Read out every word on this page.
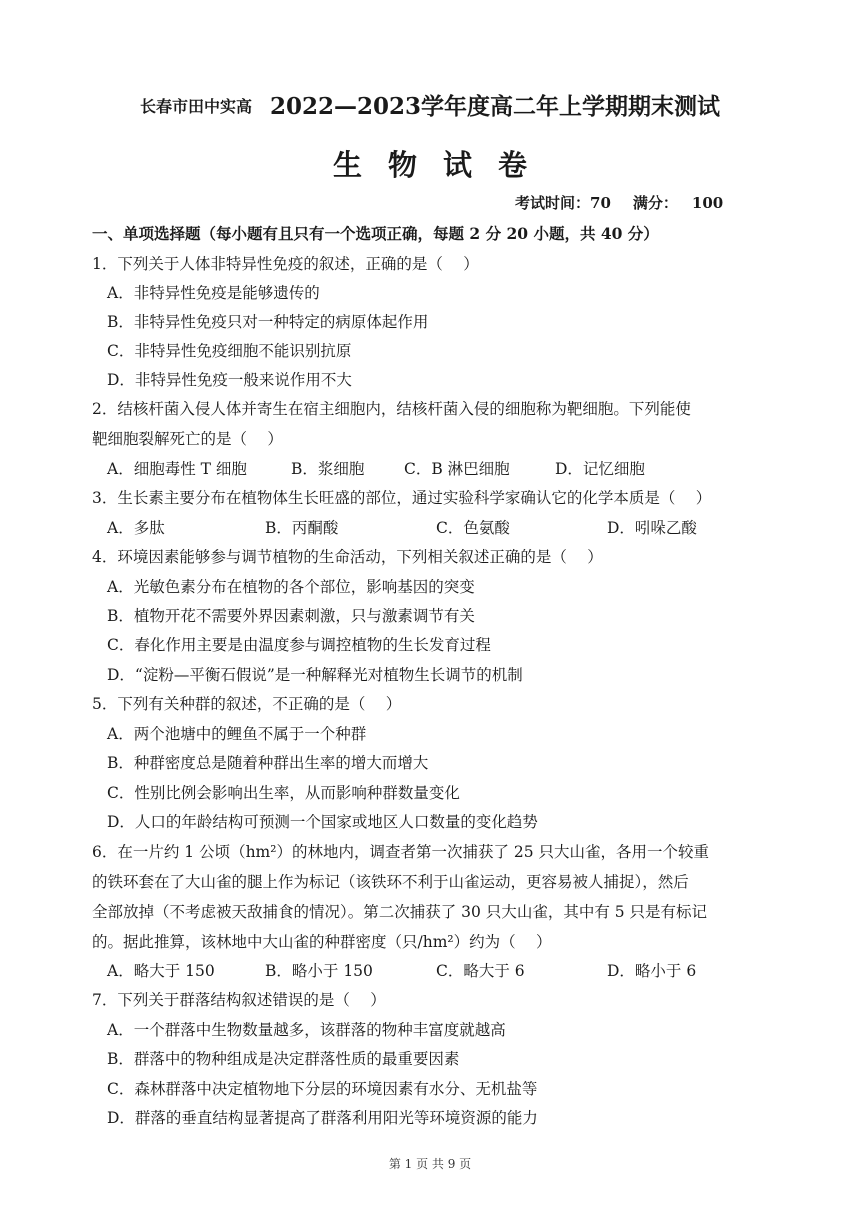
长春市田中实高 2022—2023学年度高二年上学期期末测试
生物试卷
考试时间：70 满分： 100
一、单项选择题（每小题有且只有一个选项正确，每题 2 分 20 小题，共 40 分）
1．下列关于人体非特异性免疫的叙述，正确的是（　 ）
A．非特异性免疫是能够遗传的
B．非特异性免疫只对一种特定的病原体起作用
C．非特异性免疫细胞不能识别抗原
D．非特异性免疫一般来说作用不大
2．结核杆菌入侵人体并寄生在宿主细胞内，结核杆菌入侵的细胞称为靶细胞。下列能使
靶细胞裂解死亡的是（　 ）
A．细胞毒性 T 细胞	B．浆细胞	C．B 淋巴细胞	D．记忆细胞
3．生长素主要分布在植物体生长旺盛的部位，通过实验科学家确认它的化学本质是（　 ）
A．多肽	B．丙酮酸	C．色氨酸	D．吲哚乙酸
4．环境因素能够参与调节植物的生命活动，下列相关叙述正确的是（　 ）
A．光敏色素分布在植物的各个部位，影响基因的突变
B．植物开花不需要外界因素刺激，只与激素调节有关
C．春化作用主要是由温度参与调控植物的生长发育过程
D．“淀粉—平衡石假说”是一种解释光对植物生长调节的机制
5．下列有关种群的叙述，不正确的是（　 ）
A．两个池塘中的鲤鱼不属于一个种群
B．种群密度总是随着种群出生率的增大而增大
C．性别比例会影响出生率，从而影响种群数量变化
D．人口的年龄结构可预测一个国家或地区人口数量的变化趋势
6．在一片约 1 公顷（hm²）的林地内，调查者第一次捕获了 25 只大山雀，各用一个较重
的铁环套在了大山雀的腿上作为标记（该铁环不利于山雀运动，更容易被人捕捉），然后
全部放掉（不考虑被天敌捕食的情况）。第二次捕获了 30 只大山雀，其中有 5 只是有标记
的。据此推算，该林地中大山雀的种群密度（只/hm²）约为（　 ）
A．略大于 150	B．略小于 150	C．略大于 6	D．略小于 6
7．下列关于群落结构叙述错误的是（　 ）
A．一个群落中生物数量越多，该群落的物种丰富度就越高
B．群落中的物种组成是决定群落性质的最重要因素
C．森林群落中决定植物地下分层的环境因素有水分、无机盐等
D．群落的垂直结构显著提高了群落利用阳光等环境资源的能力
第 1 页 共 9 页
